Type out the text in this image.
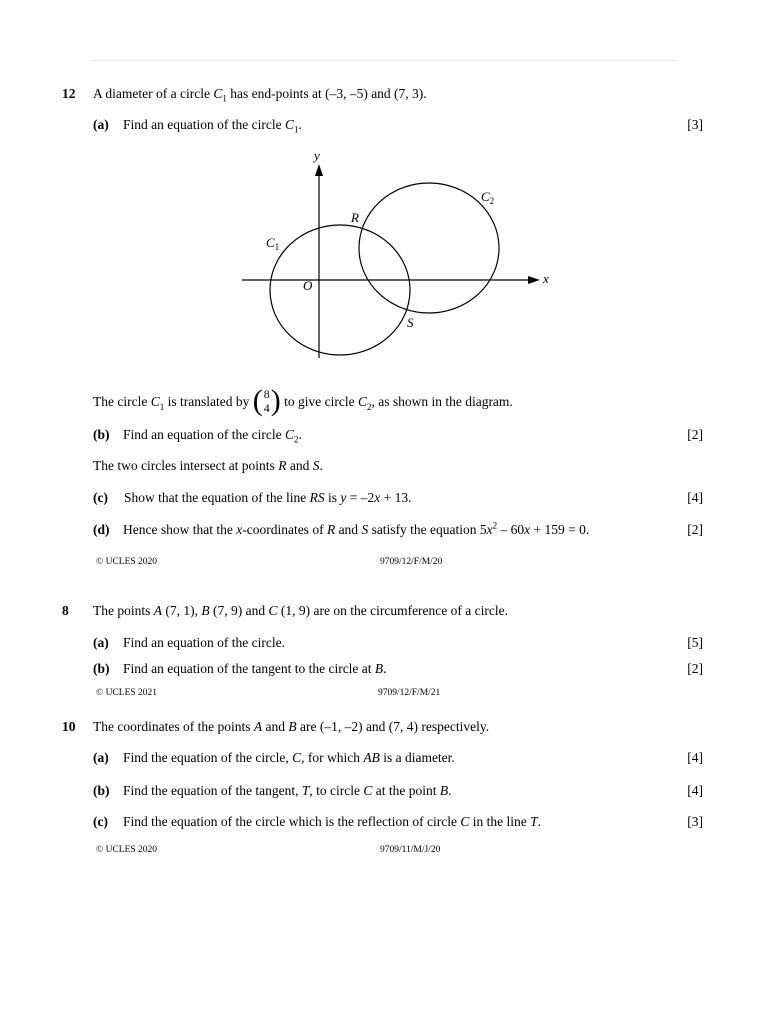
12 A diameter of a circle $C_1$ has end-points at (–3, –5) and (7, 3).
(a) Find an equation of the circle $C_1$.	[3]
x
y
O
$C_1$
$C_2$
R
S
The circle $C_1$ is translated by (8
4) to give circle $C_2$, as shown in the diagram.
(b) Find an equation of the circle $C_2$.	[2]
The two circles intersect at points R and S.
(c) Show that the equation of the line RS is y = –2x + 13.	[4]
(d) Hence show that the x-coordinates of R and S satisfy the equation $5x^2 - 60x + 159 = 0$.	[2]
© UCLES 2020	9709/12/F/M/20
8 The points A (7, 1), B (7, 9) and C (1, 9) are on the circumference of a circle.
(a) Find an equation of the circle.	[5]
(b) Find an equation of the tangent to the circle at B.	[2]
© UCLES 2021	9709/12/F/M/21
10 The coordinates of the points A and B are (–1, –2) and (7, 4) respectively.
(a) Find the equation of the circle, C, for which AB is a diameter.	[4]
(b) Find the equation of the tangent, T, to circle C at the point B.	[4]
(c) Find the equation of the circle which is the reflection of circle C in the line T.	[3]
© UCLES 2020	9709/11/M/J/20
